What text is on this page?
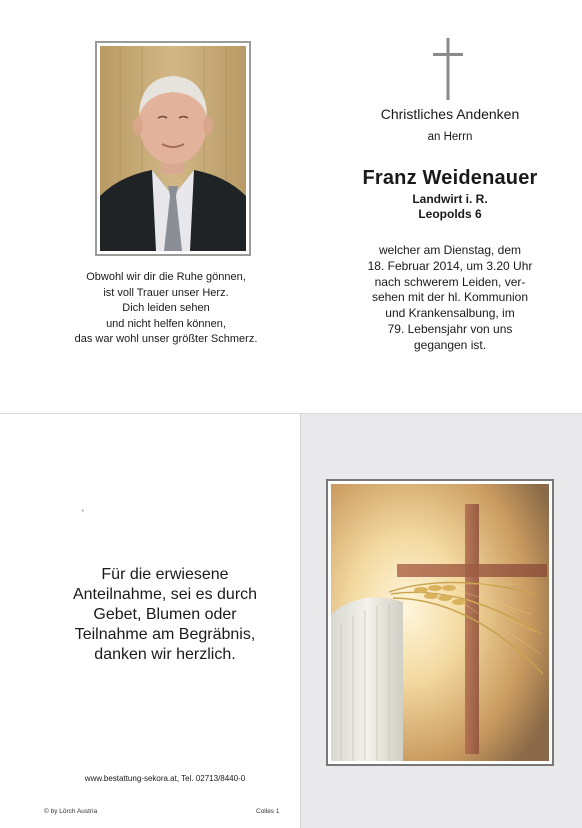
Obwohl wir dir die Ruhe gönnen,
ist voll Trauer unser Herz.
Dich leiden sehen
und nicht helfen können,
das war wohl unser größter Schmerz.
Christliches Andenken
an Herrn
Franz Weidenauer
Landwirt i. R.
Leopolds 6
welcher am Dienstag, dem
18. Februar 2014, um 3.20 Uhr
nach schwerem Leiden, ver-
sehen mit der hl. Kommunion
und Krankensalbung, im
79. Lebensjahr von uns
gegangen ist.
'
Für die erwiesene
Anteilnahme, sei es durch
Gebet, Blumen oder
Teilnahme am Begräbnis,
danken wir herzlich.
www.bestattung-sekora.at, Tel. 02713/8440-0
© by Lörch Austria	Colles 1
